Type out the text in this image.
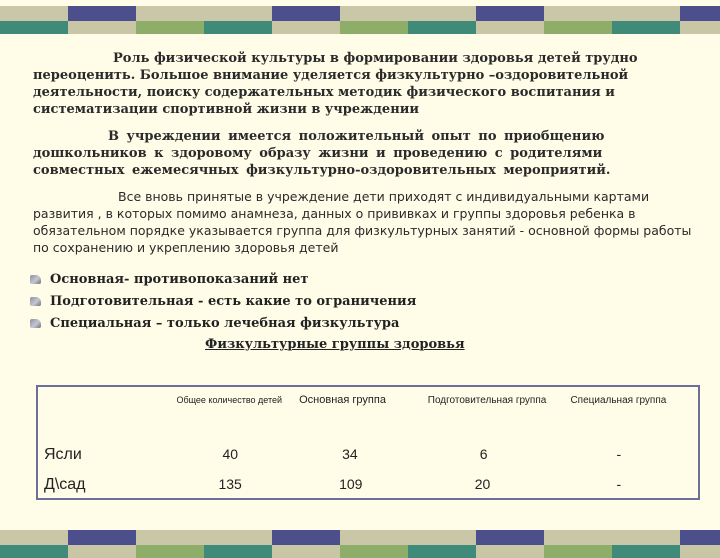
Роль физической культуры в формировании здоровья детей трудно переоценить. Большое внимание уделяется физкультурно –оздоровительной деятельности, поиску содержательных методик физического воспитания и систематизации спортивной жизни в учреждении
В учреждении имеется положительный опыт по приобщению дошкольников к здоровому образу жизни и проведению с родителями совместных ежемесячных физкультурно-оздоровительных мероприятий.
Все вновь принятые в учреждение дети приходят с индивидуальными картами развития , в которых помимо анамнеза, данных о прививках и группы здоровья ребенка в обязательном порядке указывается группа для физкультурных занятий - основной формы работы по сохранению и укреплению здоровья детей
Основная- противопоказаний нет
Подготовительная - есть какие то ограничения
Специальная – только лечебная физкультура
Физкультурные группы здоровья
	Общее количество детей	Основная группа	Подготовительная группа	Специальная группа
Ясли	40	34	6	-
Д\сад	135	109	20	-
